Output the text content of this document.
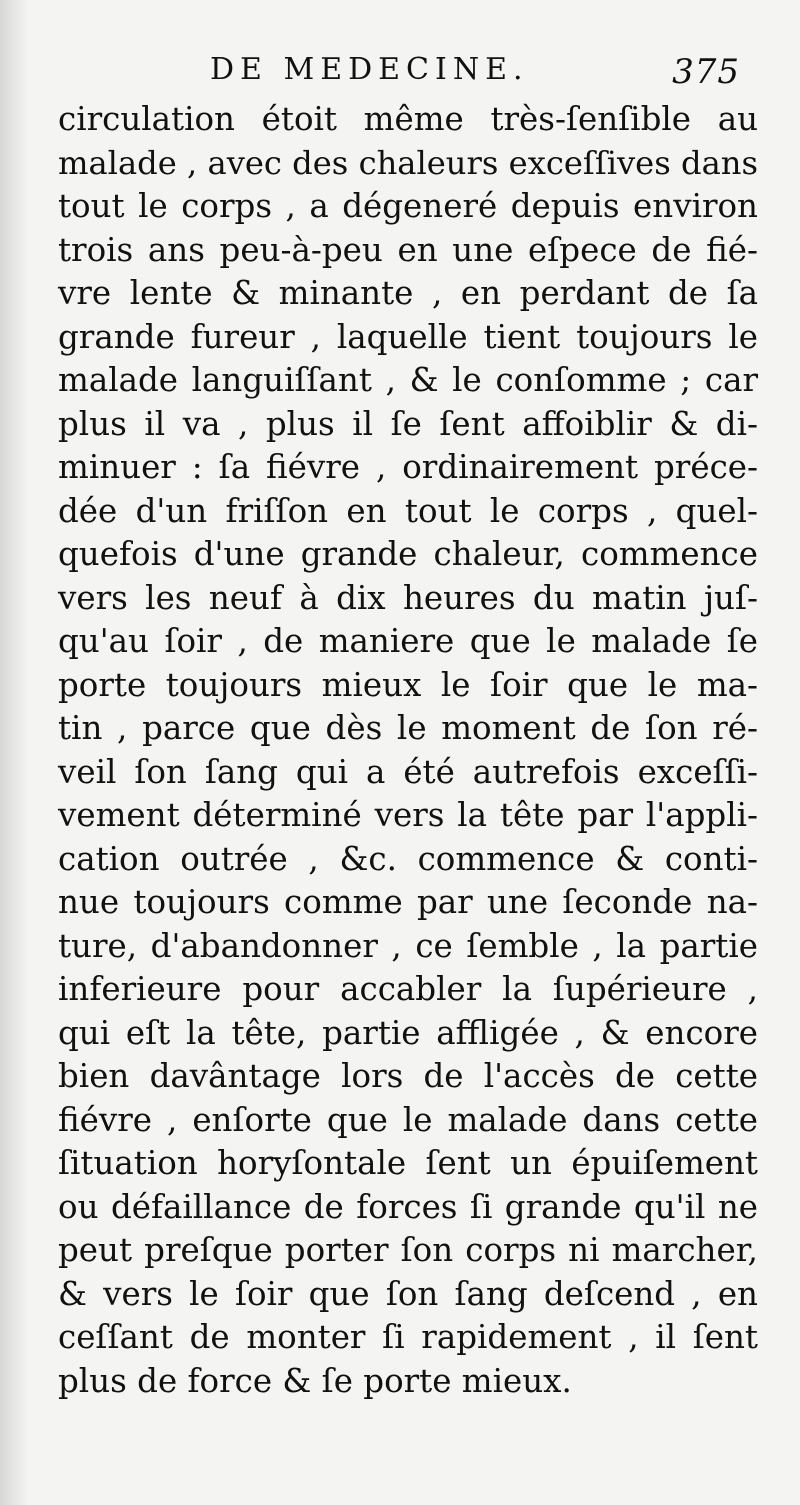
DE MEDECINE.	375
circulation étoit même très-ſenſible au
malade , avec des chaleurs exceſſives dans
tout le corps , a dégeneré depuis environ
trois ans peu-à-peu en une eſpece de fié-
vre lente & minante , en perdant de ſa
grande fureur , laquelle tient toujours le
malade languiſſant , & le conſomme ; car
plus il va , plus il ſe ſent affoiblir & di-
minuer : ſa fiévre , ordinairement préce-
dée d'un friſſon en tout le corps , quel-
quefois d'une grande chaleur, commence
vers les neuf à dix heures du matin juſ-
qu'au ſoir , de maniere que le malade ſe
porte toujours mieux le ſoir que le ma-
tin , parce que dès le moment de ſon ré-
veil ſon ſang qui a été autrefois exceſſi-
vement déterminé vers la tête par l'appli-
cation outrée , &c. commence & conti-
nue toujours comme par une ſeconde na-
ture, d'abandonner , ce ſemble , la partie
inferieure pour accabler la ſupérieure ,
qui eſt la tête, partie affligée , & encore
bien davântage lors de l'accès de cette
fiévre , enſorte que le malade dans cette
ſituation horyſontale ſent un épuiſement
ou défaillance de forces ſi grande qu'il ne
peut preſque porter ſon corps ni marcher,
& vers le ſoir que ſon ſang deſcend , en
ceſſant de monter ſi rapidement , il ſent
plus de force & ſe porte mieux.
